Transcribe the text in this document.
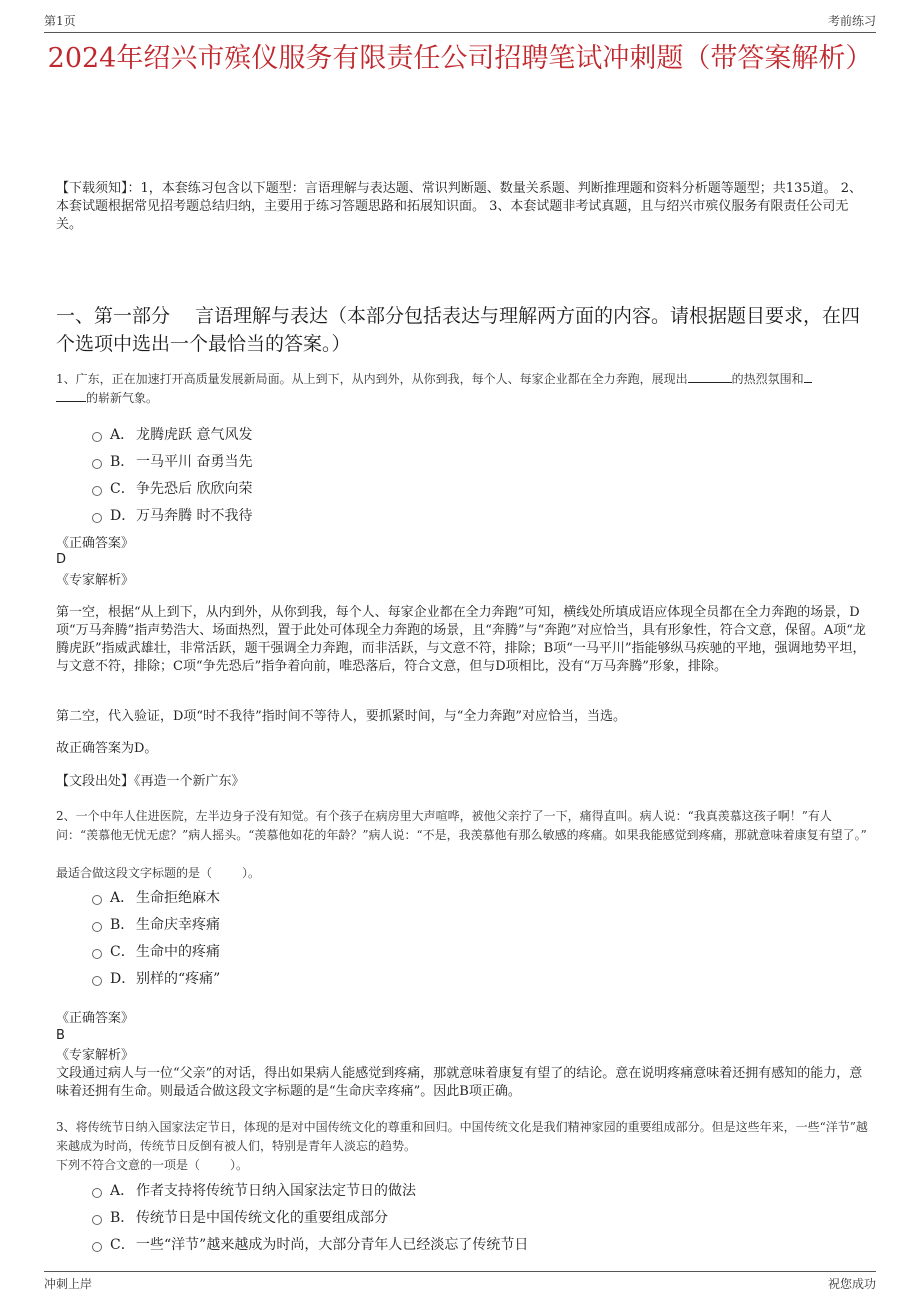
第1页	考前练习
2024年绍兴市殡仪服务有限责任公司招聘笔试冲刺题（带答案解析）
【下载须知】：1，本套练习包含以下题型：言语理解与表达题、常识判断题、数量关系题、判断推理题和资料分析题等题型；共135道。 2、本套试题根据常见招考题总结归纳，主要用于练习答题思路和拓展知识面。 3、本套试题非考试真题，且与绍兴市殡仪服务有限责任公司无关。
一、第一部分　 言语理解与表达（本部分包括表达与理解两方面的内容。请根据题目要求，在四个选项中选出一个最恰当的答案。）
1、广东，正在加速打开高质量发展新局面。从上到下，从内到外，从你到我，每个人、每家企业都在全力奔跑，展现出	的热烈氛围和
的崭新气象。
A． 龙腾虎跃 意气风发
B． 一马平川 奋勇当先
C． 争先恐后 欣欣向荣
D． 万马奔腾 时不我待
《正确答案》
D
《专家解析》
第一空，根据“从上到下，从内到外，从你到我，每个人、每家企业都在全力奔跑”可知，横线处所填成语应体现全员都在全力奔跑的场景，D项“万马奔腾”指声势浩大、场面热烈，置于此处可体现全力奔跑的场景，且“奔腾”与“奔跑”对应恰当，具有形象性，符合文意，保留。A项“龙腾虎跃”指威武雄壮，非常活跃，题干强调全力奔跑，而非活跃，与文意不符，排除；B项“一马平川”指能够纵马疾驰的平地，强调地势平坦，与文意不符，排除；C项“争先恐后”指争着向前，唯恐落后，符合文意，但与D项相比，没有“万马奔腾”形象，排除。
第二空，代入验证，D项“时不我待”指时间不等待人，要抓紧时间，与“全力奔跑”对应恰当，当选。
故正确答案为D。
【文段出处】《再造一个新广东》
2、一个中年人住进医院，左半边身子没有知觉。有个孩子在病房里大声喧哗，被他父亲拧了一下，痛得直叫。病人说：“我真羡慕这孩子啊！”有人问：“羡慕他无忧无虑？”病人摇头。“羡慕他如花的年龄？”病人说：“不是，我羡慕他有那么敏感的疼痛。如果我能感觉到疼痛，那就意味着康复有望了。”
最适合做这段文字标题的是（	）。
A． 生命拒绝麻木
B． 生命庆幸疼痛
C． 生命中的疼痛
D． 别样的“疼痛”
《正确答案》
B
《专家解析》
文段通过病人与一位“父亲”的对话，得出如果病人能感觉到疼痛，那就意味着康复有望了的结论。意在说明疼痛意味着还拥有感知的能力，意味着还拥有生命。则最适合做这段文字标题的是“生命庆幸疼痛”。因此B项正确。
3、将传统节日纳入国家法定节日，体现的是对中国传统文化的尊重和回归。中国传统文化是我们精神家园的重要组成部分。但是这些年来，一些“洋节”越来越成为时尚，传统节日反倒有被人们，特别是青年人淡忘的趋势。
下列不符合文意的一项是（	）。
A． 作者支持将传统节日纳入国家法定节日的做法
B． 传统节日是中国传统文化的重要组成部分
C． 一些“洋节”越来越成为时尚，大部分青年人已经淡忘了传统节日
冲刺上岸	祝您成功
